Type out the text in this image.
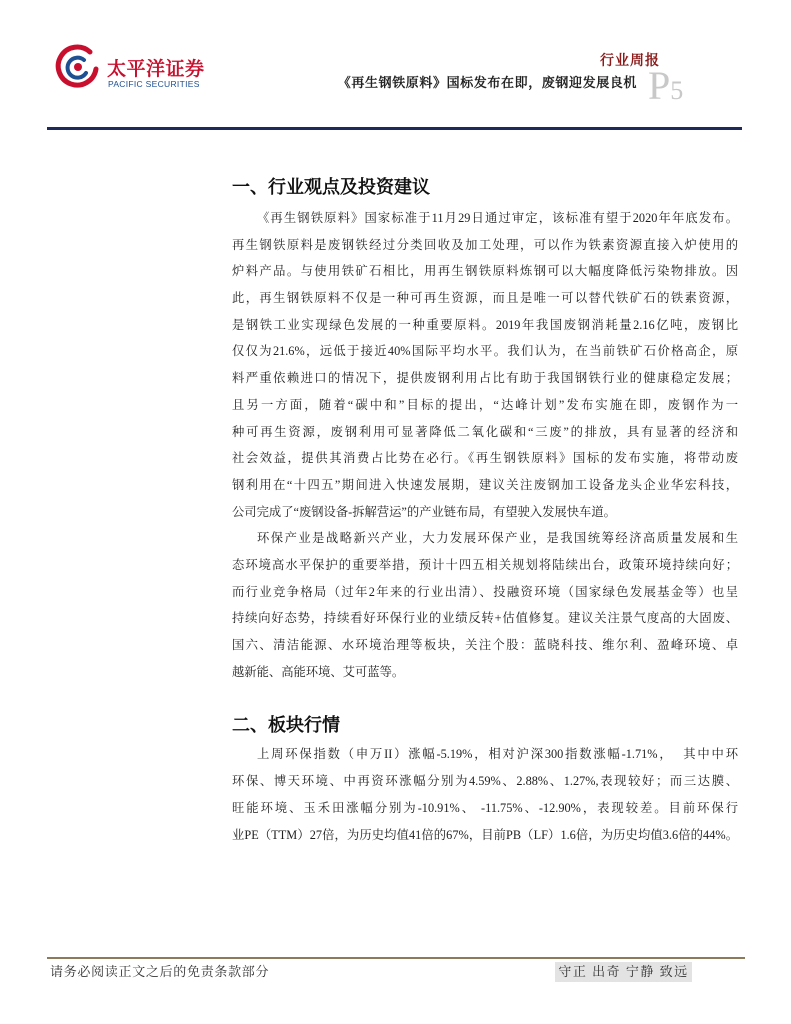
太平洋证券
PACIFIC SECURITIES
行业周报
《再生钢铁原料》国标发布在即，废钢迎发展良机 P5
一、行业观点及投资建议
《再生钢铁原料》国家标准于11月29日通过审定，该标准有望于2020年年底发布。
再生钢铁原料是废钢铁经过分类回收及加工处理，可以作为铁素资源直接入炉使用的
炉料产品。与使用铁矿石相比，用再生钢铁原料炼钢可以大幅度降低污染物排放。因
此，再生钢铁原料不仅是一种可再生资源，而且是唯一可以替代铁矿石的铁素资源，
是钢铁工业实现绿色发展的一种重要原料。2019年我国废钢消耗量2.16亿吨，废钢比
仅仅为21.6%，远低于接近40%国际平均水平。我们认为，在当前铁矿石价格高企，原
料严重依赖进口的情况下，提供废钢利用占比有助于我国钢铁行业的健康稳定发展；
且另一方面，随着“碳中和”目标的提出，“达峰计划”发布实施在即，废钢作为一
种可再生资源，废钢利用可显著降低二氧化碳和“三废”的排放，具有显著的经济和
社会效益，提供其消费占比势在必行。《再生钢铁原料》国标的发布实施，将带动废
钢利用在“十四五”期间进入快速发展期，建议关注废钢加工设备龙头企业华宏科技，
公司完成了“废钢设备-拆解营运”的产业链布局，有望驶入发展快车道。
环保产业是战略新兴产业，大力发展环保产业，是我国统筹经济高质量发展和生
态环境高水平保护的重要举措，预计十四五相关规划将陆续出台，政策环境持续向好；
而行业竞争格局（过年2年来的行业出清）、投融资环境（国家绿色发展基金等）也呈
持续向好态势，持续看好环保行业的业绩反转+估值修复。建议关注景气度高的大固废、
国六、清洁能源、水环境治理等板块，关注个股：蓝晓科技、维尔利、盈峰环境、卓
越新能、高能环境、艾可蓝等。
二、板块行情
上周环保指数（申万II）涨幅-5.19%，相对沪深300指数涨幅-1.71%，  其中中环
环保、博天环境、中再资环涨幅分别为4.59%、2.88%、1.27%,表现较好；而三达膜、
旺能环境、玉禾田涨幅分别为-10.91%、 -11.75%、-12.90%，表现较差。目前环保行
业PE（TTM）27倍，为历史均值41倍的67%，目前PB（LF）1.6倍，为历史均值3.6倍的44%。
请务必阅读正文之后的免责条款部分	守正 出奇 宁静 致远
